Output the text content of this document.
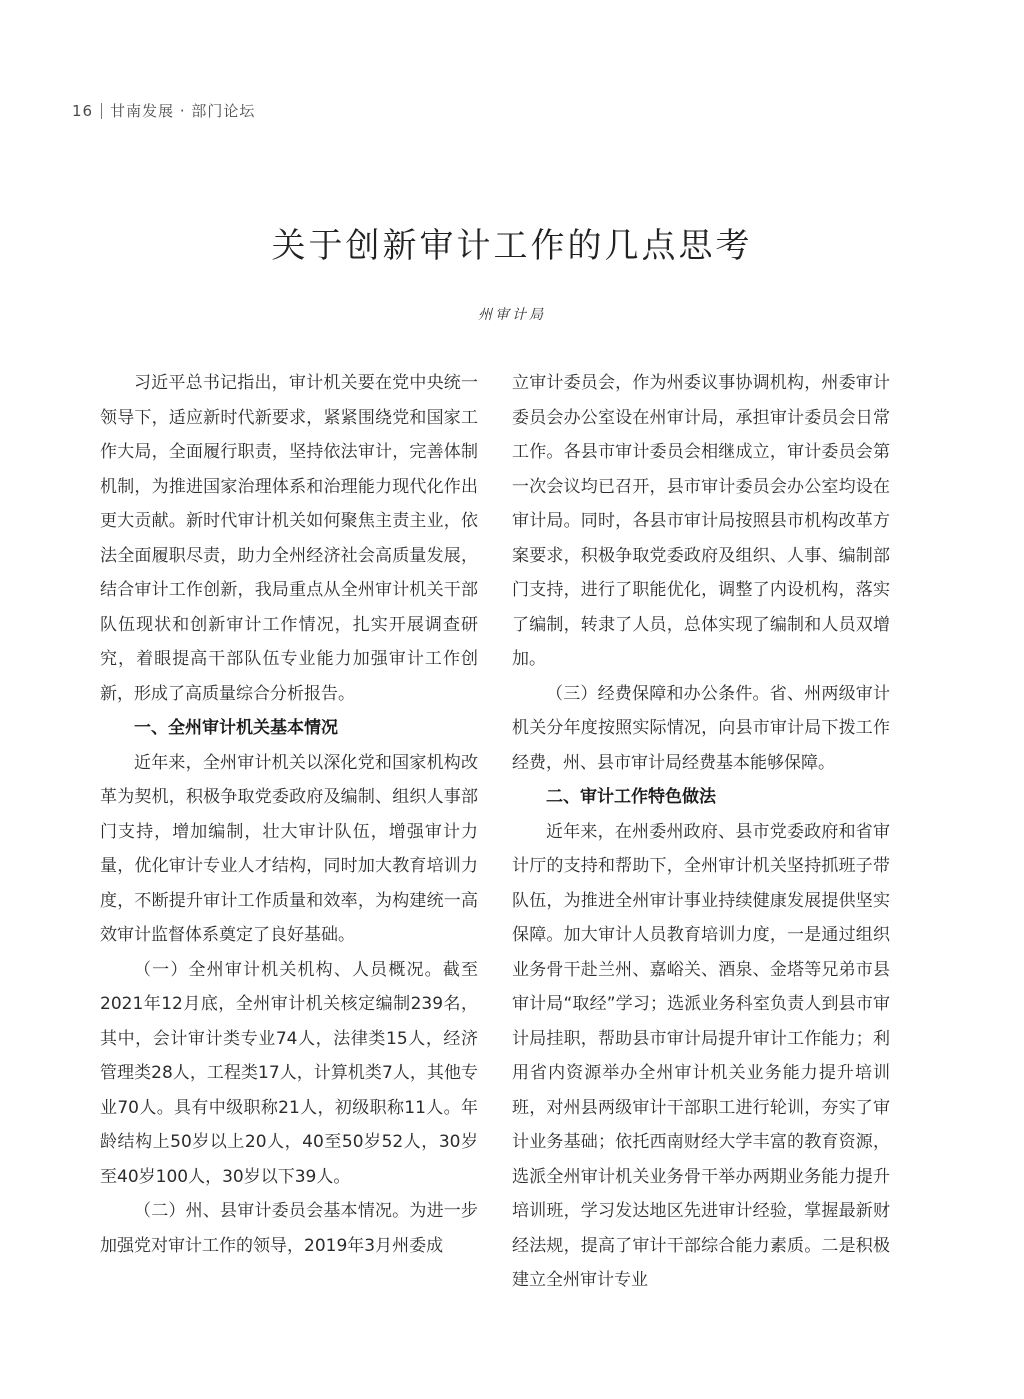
16 甘南发展 · 部门论坛
关于创新审计工作的几点思考
州审计局

习近平总书记指出，审计机关要在党中央统一领导下，适应新时代新要求，紧紧围绕党和国家工作大局，全面履行职责，坚持依法审计，完善体制机制，为推进国家治理体系和治理能力现代化作出更大贡献。新时代审计机关如何聚焦主责主业，依法全面履职尽责，助力全州经济社会高质量发展，结合审计工作创新，我局重点从全州审计机关干部队伍现状和创新审计工作情况，扎实开展调查研究，着眼提高干部队伍专业能力加强审计工作创新，形成了高质量综合分析报告。

一、全州审计机关基本情况

近年来，全州审计机关以深化党和国家机构改革为契机，积极争取党委政府及编制、组织人事部门支持，增加编制，壮大审计队伍，增强审计力量，优化审计专业人才结构，同时加大教育培训力度，不断提升审计工作质量和效率，为构建统一高效审计监督体系奠定了良好基础。

（一）全州审计机关机构、人员概况。截至2021年12月底，全州审计机关核定编制239名，其中，会计审计类专业74人，法律类15人，经济管理类28人，工程类17人，计算机类7人，其他专业70人。具有中级职称21人，初级职称11人。年龄结构上50岁以上20人，40至50岁52人，30岁至40岁100人，30岁以下39人。

（二）州、县审计委员会基本情况。为进一步加强党对审计工作的领导，2019年3月州委成

立审计委员会，作为州委议事协调机构，州委审计委员会办公室设在州审计局，承担审计委员会日常工作。各县市审计委员会相继成立，审计委员会第一次会议均已召开，县市审计委员会办公室均设在审计局。同时，各县市审计局按照县市机构改革方案要求，积极争取党委政府及组织、人事、编制部门支持，进行了职能优化，调整了内设机构，落实了编制，转隶了人员，总体实现了编制和人员双增加。

（三）经费保障和办公条件。省、州两级审计机关分年度按照实际情况，向县市审计局下拨工作经费，州、县市审计局经费基本能够保障。

二、审计工作特色做法

近年来，在州委州政府、县市党委政府和省审计厅的支持和帮助下，全州审计机关坚持抓班子带队伍，为推进全州审计事业持续健康发展提供坚实保障。加大审计人员教育培训力度，一是通过组织业务骨干赴兰州、嘉峪关、酒泉、金塔等兄弟市县审计局“取经”学习；选派业务科室负责人到县市审计局挂职，帮助县市审计局提升审计工作能力；利用省内资源举办全州审计机关业务能力提升培训班，对州县两级审计干部职工进行轮训，夯实了审计业务基础；依托西南财经大学丰富的教育资源，选派全州审计机关业务骨干举办两期业务能力提升培训班，学习发达地区先进审计经验，掌握最新财经法规，提高了审计干部综合能力素质。二是积极建立全州审计专业
